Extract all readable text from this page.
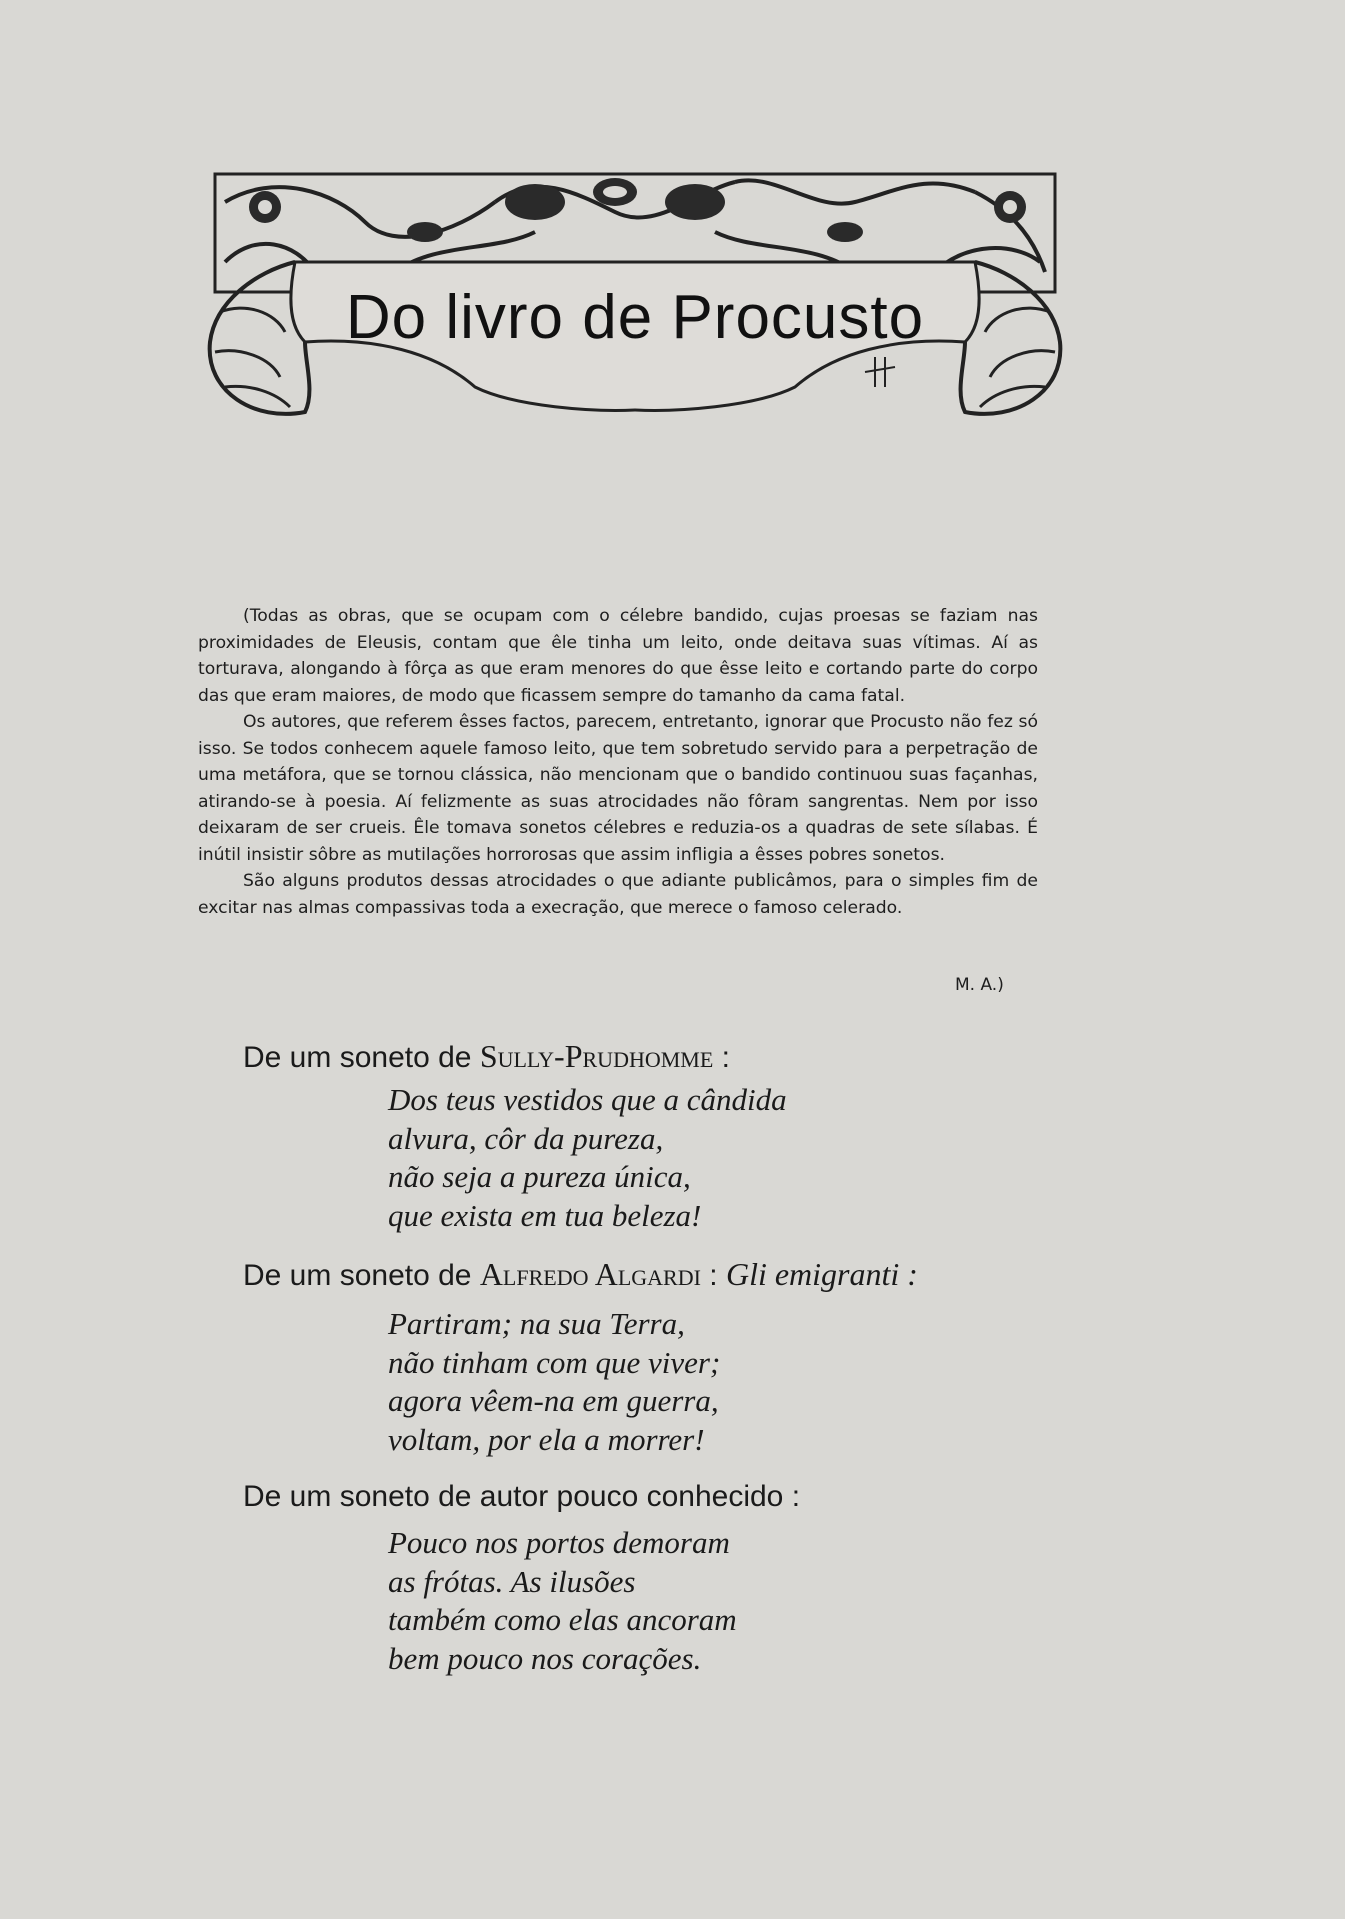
Do livro de Procusto

(Todas as obras, que se ocupam com o célebre bandido, cujas proesas se faziam nas proximidades de Eleusis, contam que êle tinha um leito, onde deitava suas vítimas. Aí as torturava, alongando à fôrça as que eram menores do que êsse leito e cortando parte do corpo das que eram maiores, de modo que ficassem sempre do tamanho da cama fatal.

Os autores, que referem êsses factos, parecem, entretanto, ignorar que Procusto não fez só isso. Se todos conhecem aquele famoso leito, que tem sobretudo servido para a perpetração de uma metáfora, que se tornou clássica, não mencionam que o bandido continuou suas façanhas, atirando-se à poesia. Aí felizmente as suas atrocidades não fôram sangrentas. Nem por isso deixaram de ser crueis. Êle tomava sonetos célebres e reduzia-os a quadras de sete sílabas. É inútil insistir sôbre as mutilações horrorosas que assim infligia a êsses pobres sonetos.

São alguns produtos dessas atrocidades o que adiante publicâmos, para o simples fim de excitar nas almas compassivas toda a execração, que merece o famoso celerado.

M. A.)
De um soneto de Sully-Prudhomme :
Dos teus vestidos que a cândida
alvura, côr da pureza,
não seja a pureza única,
que exista em tua beleza!
De um soneto de Alfredo Algardi : Gli emigranti :
Partiram; na sua Terra,
não tinham com que viver;
agora vêem-na em guerra,
voltam, por ela a morrer!
De um soneto de autor pouco conhecido :
Pouco nos portos demoram
as frótas. As ilusões
também como elas ancoram
bem pouco nos corações.
